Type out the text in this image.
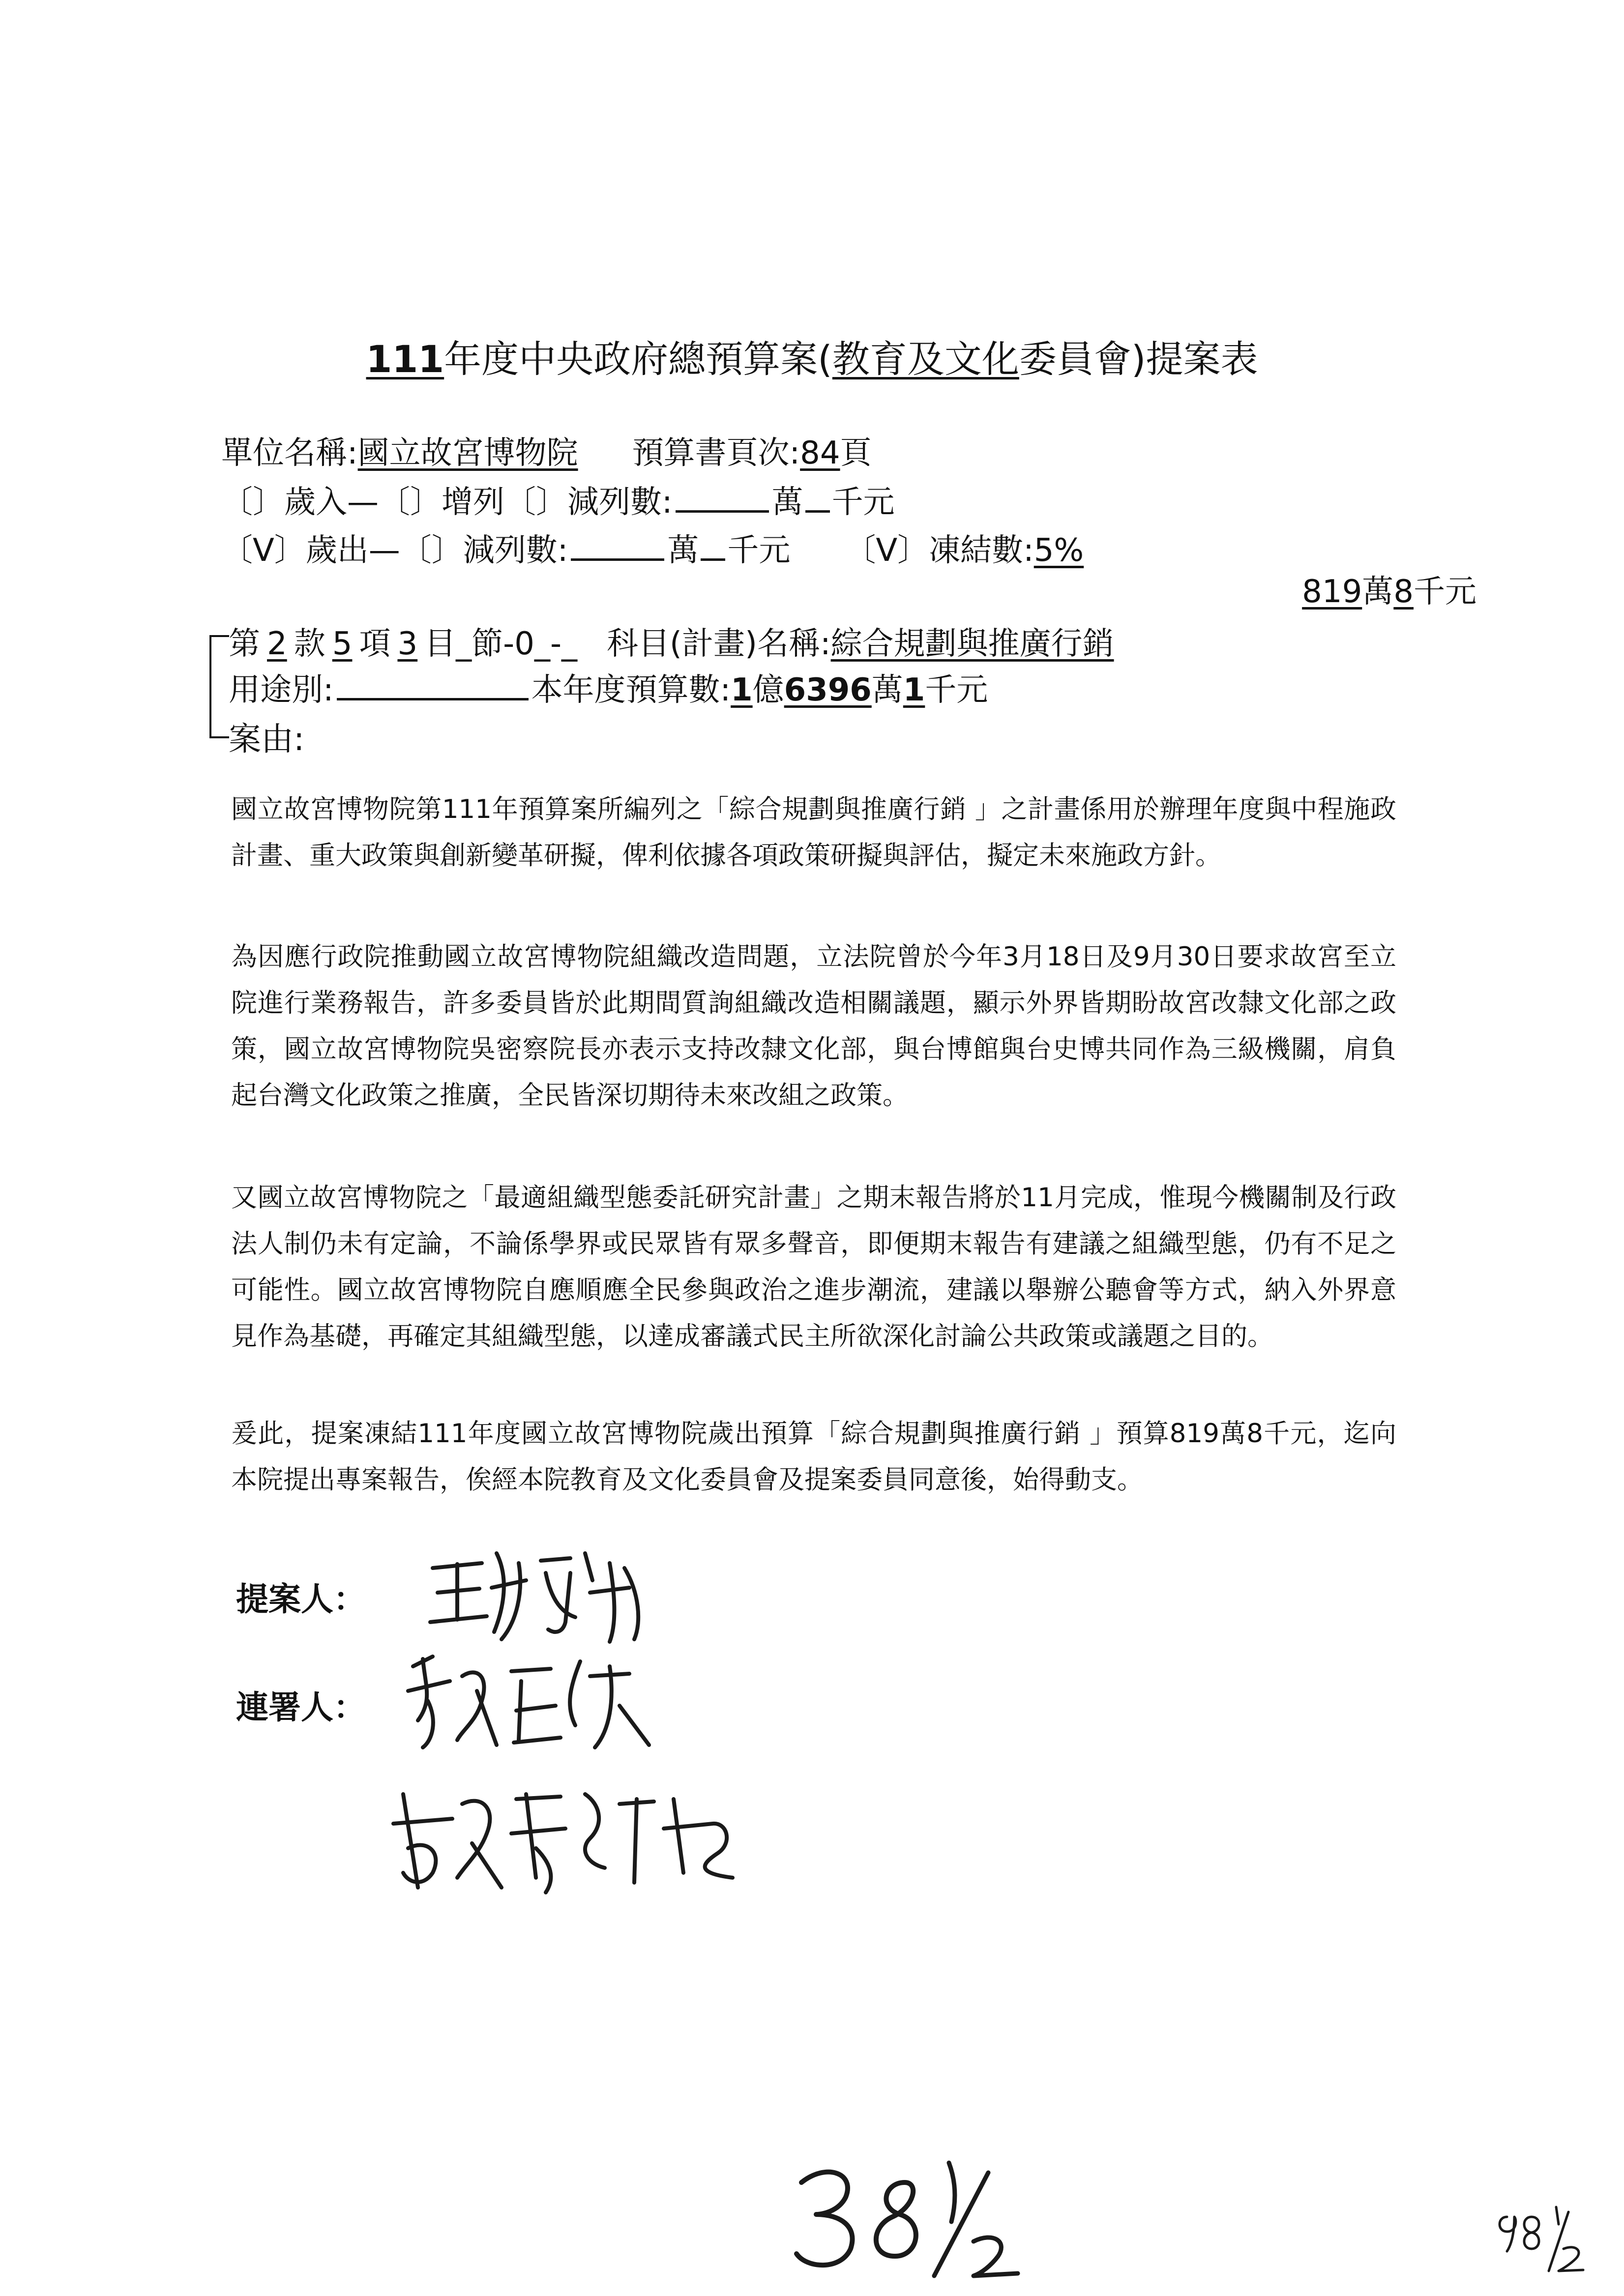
111年度中央政府總預算案(教育及文化委員會)提案表
單位名稱:國立故宮博物院 預算書頁次:84頁
〔〕歲入—〔〕增列〔〕減列數:	萬 千元
〔V〕歲出—〔〕減列數:	萬 千元 〔V〕凍結數:5%
819萬8千元
第 2 款 5 項 3 目_節-0_-_ 科目(計畫)名稱:綜合規劃與推廣行銷
用途別:	本年度預算數:1億6396萬1千元
案由:

國立故宮博物院第111年預算案所編列之「綜合規劃與推廣行銷 」之計畫係用於辦理年度與中程施政計畫、重大政策與創新變革研擬，俾利依據各項政策研擬與評估，擬定未來施政方針。

為因應行政院推動國立故宮博物院組織改造問題，立法院曾於今年3月18日及9月30日要求故宮至立院進行業務報告，許多委員皆於此期間質詢組織改造相關議題，顯示外界皆期盼故宮改隸文化部之政策，國立故宮博物院吳密察院長亦表示支持改隸文化部，與台博館與台史博共同作為三級機關，肩負起台灣文化政策之推廣，全民皆深切期待未來改組之政策。

又國立故宮博物院之「最適組織型態委託研究計畫」之期末報告將於11月完成，惟現今機關制及行政法人制仍未有定論，不論係學界或民眾皆有眾多聲音，即便期末報告有建議之組織型態，仍有不足之可能性。國立故宮博物院自應順應全民參與政治之進步潮流，建議以舉辦公聽會等方式，納入外界意見作為基礎，再確定其組織型態，以達成審議式民主所欲深化討論公共政策或議題之目的。

爰此，提案凍結111年度國立故宮博物院歲出預算「綜合規劃與推廣行銷 」預算819萬8千元，迄向本院提出專案報告，俟經本院教育及文化委員會及提案委員同意後，始得動支。

提案人：
連署人：
